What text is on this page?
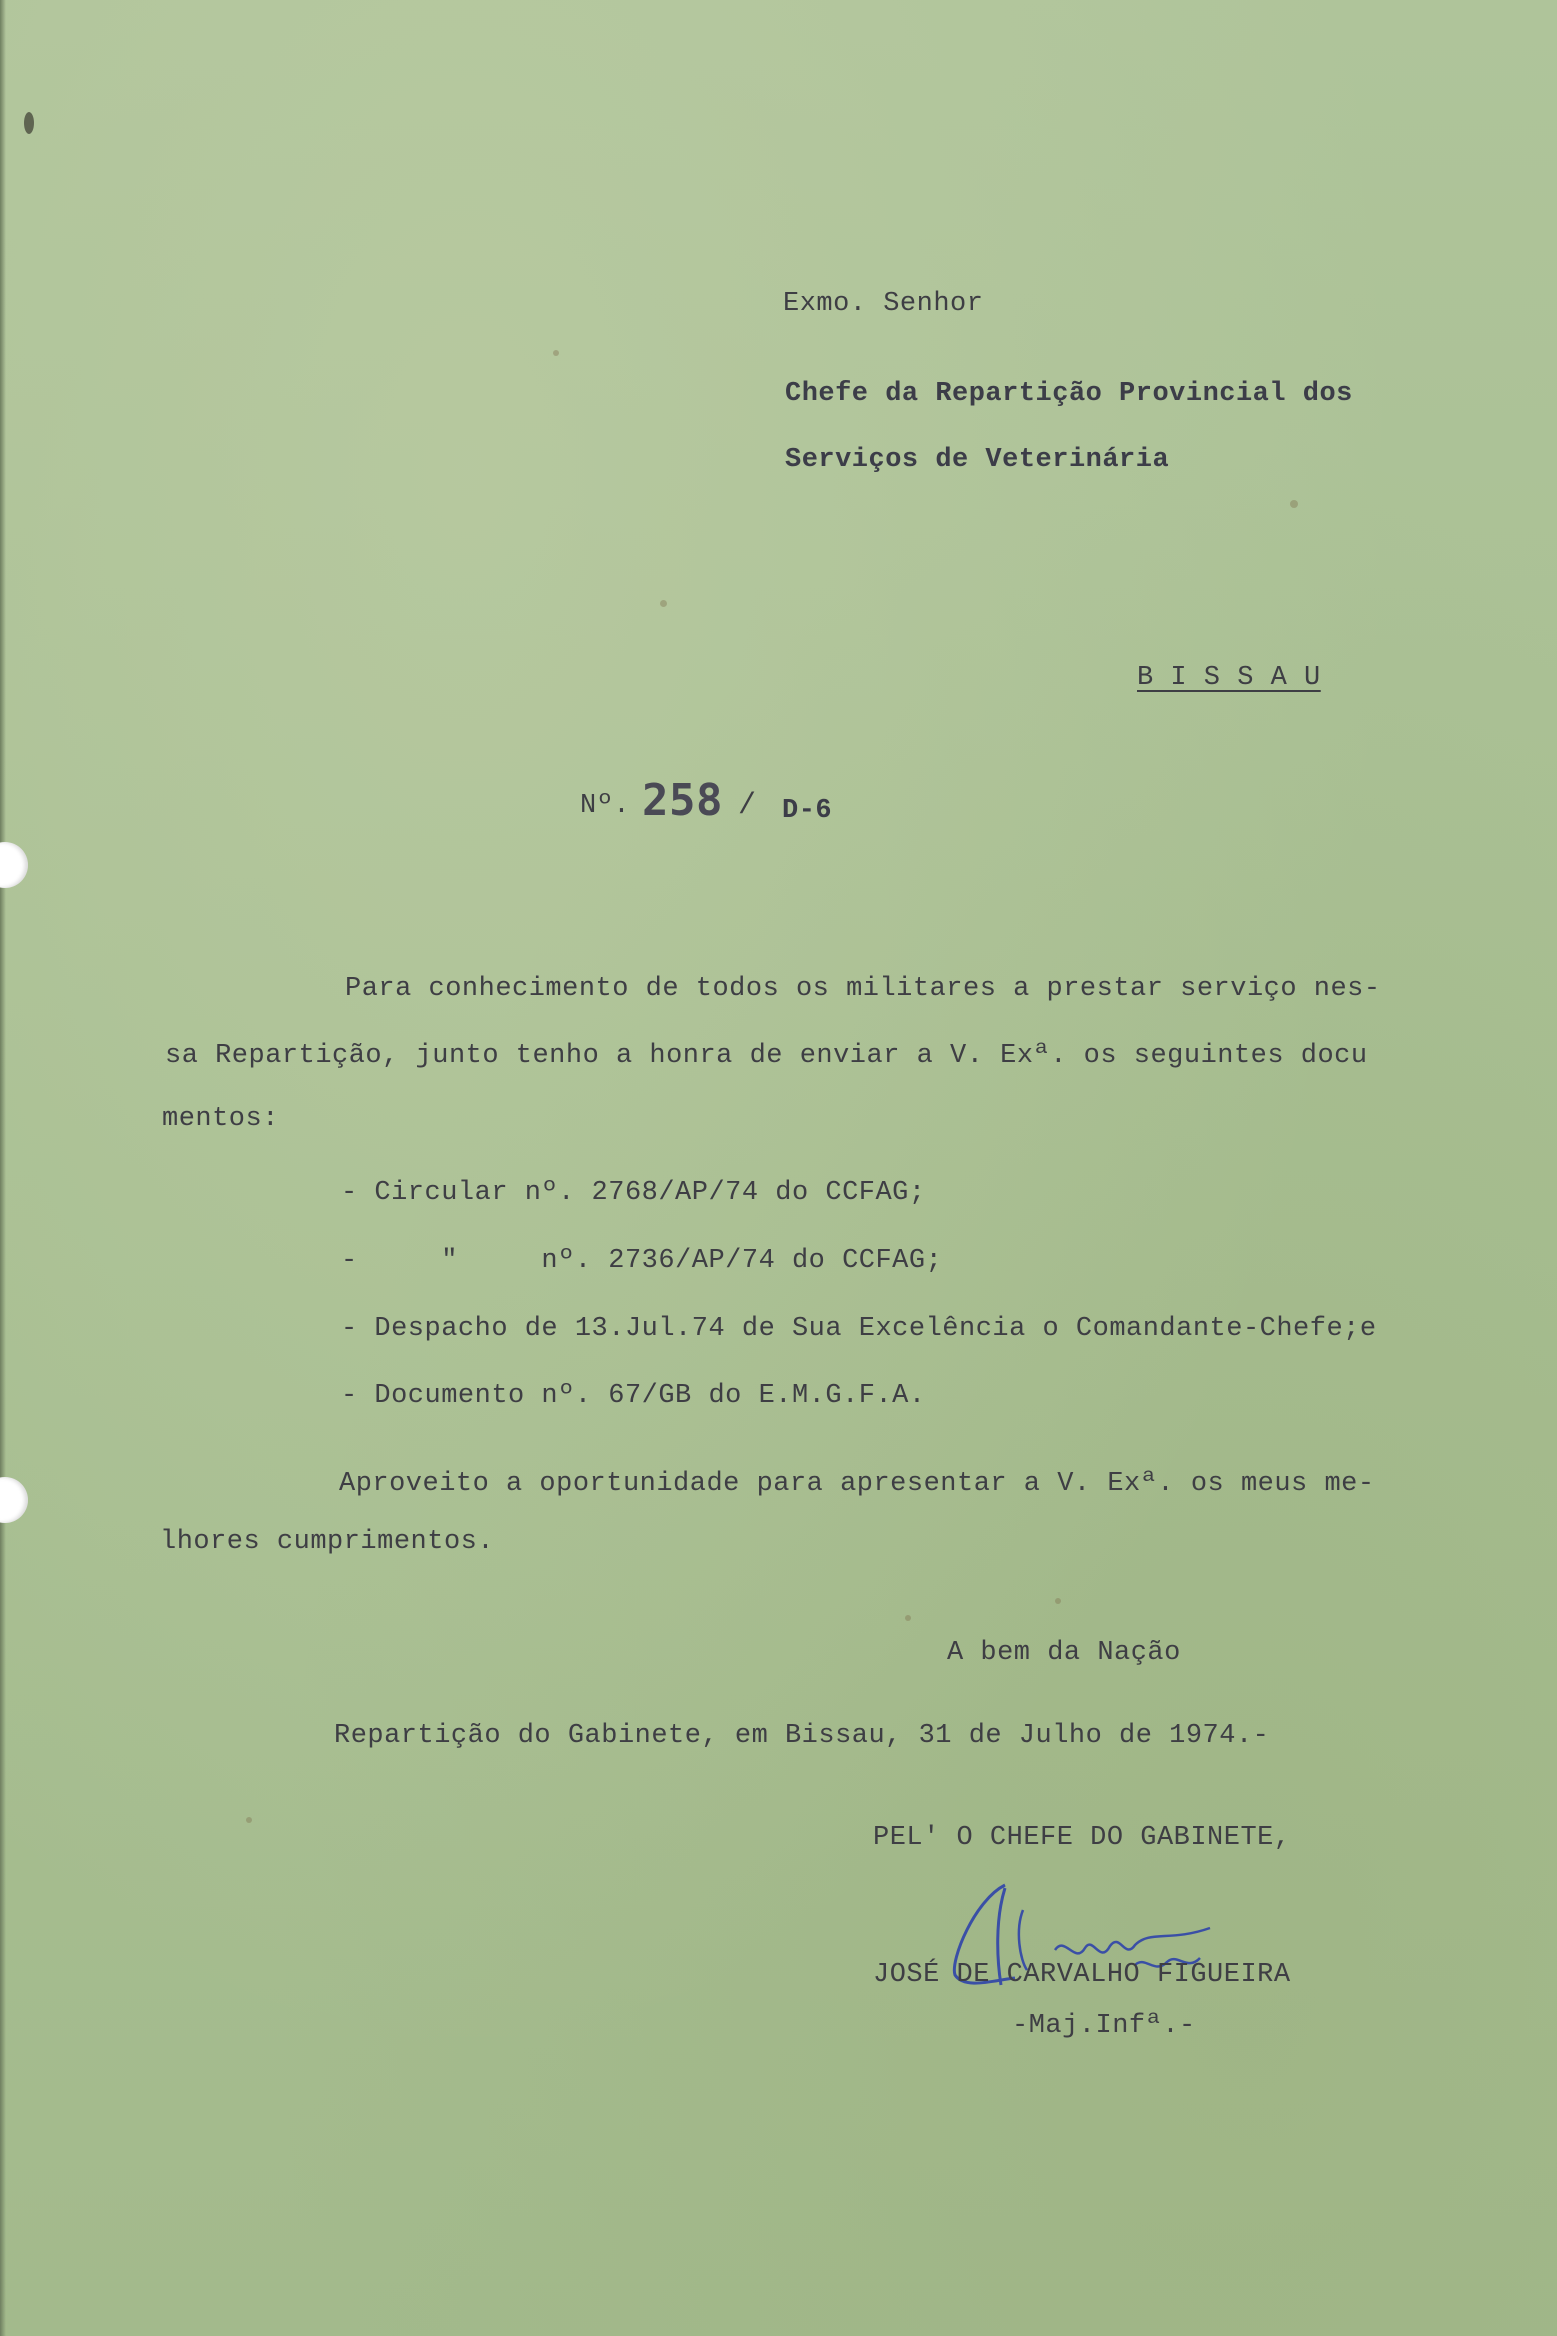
Exmo. Senhor
Chefe da Repartição Provincial dos
Serviços de Veterinária
B I S S A U
Nº. 258 / D-6
Para conhecimento de todos os militares a prestar serviço nes-
sa Repartição, junto tenho a honra de enviar a V. Exª. os seguintes docu
mentos:
- Circular nº. 2768/AP/74 do CCFAG;
-     "     nº. 2736/AP/74 do CCFAG;
- Despacho de 13.Jul.74 de Sua Excelência o Comandante-Chefe;e
- Documento nº. 67/GB do E.M.G.F.A.
Aproveito a oportunidade para apresentar a V. Exª. os meus me-
lhores cumprimentos.
A bem da Nação
Repartição do Gabinete, em Bissau, 31 de Julho de 1974.-
PEL' O CHEFE DO GABINETE,
JOSÉ DE CARVALHO FIGUEIRA
-Maj.Infª.-
